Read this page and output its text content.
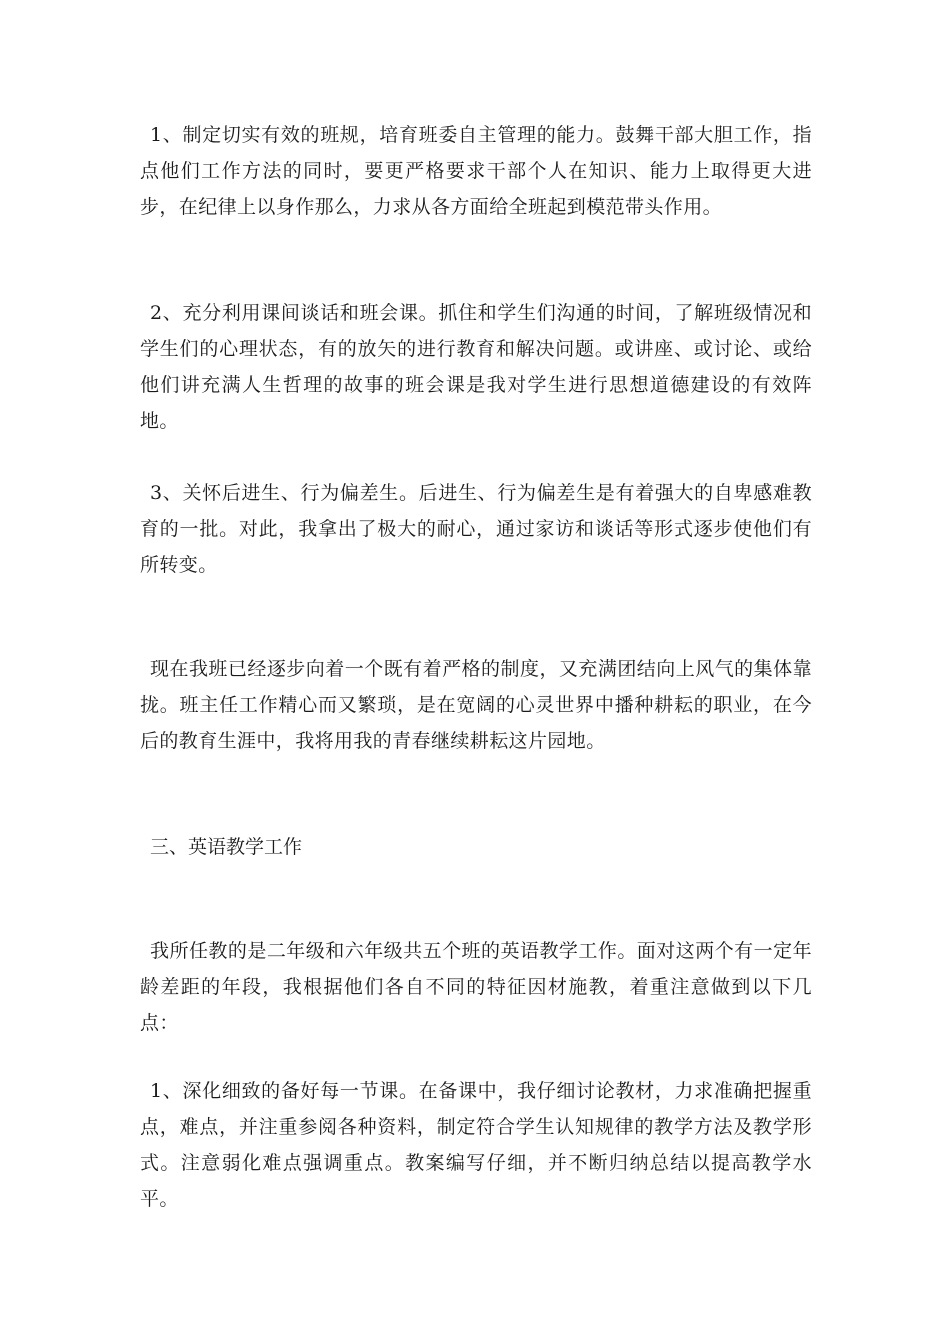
1、制定切实有效的班规，培育班委自主管理的能力。鼓舞干部大胆工作，指点他们工作方法的同时，要更严格要求干部个人在知识、能力上取得更大进步，在纪律上以身作那么，力求从各方面给全班起到模范带头作用。

2、充分利用课间谈话和班会课。抓住和学生们沟通的时间，了解班级情况和学生们的心理状态，有的放矢的进行教育和解决问题。或讲座、或讨论、或给他们讲充满人生哲理的故事的班会课是我对学生进行思想道德建设的有效阵地。

3、关怀后进生、行为偏差生。后进生、行为偏差生是有着强大的自卑感难教育的一批。对此，我拿出了极大的耐心，通过家访和谈话等形式逐步使他们有所转变。

现在我班已经逐步向着一个既有着严格的制度，又充满团结向上风气的集体靠拢。班主任工作精心而又繁琐，是在宽阔的心灵世界中播种耕耘的职业，在今后的教育生涯中，我将用我的青春继续耕耘这片园地。

三、英语教学工作

我所任教的是二年级和六年级共五个班的英语教学工作。面对这两个有一定年龄差距的年段，我根据他们各自不同的特征因材施教，着重注意做到以下几点：

1、深化细致的备好每一节课。在备课中，我仔细讨论教材，力求准确把握重点，难点，并注重参阅各种资料，制定符合学生认知规律的教学方法及教学形式。注意弱化难点强调重点。教案编写仔细，并不断归纳总结以提高教学水平。
